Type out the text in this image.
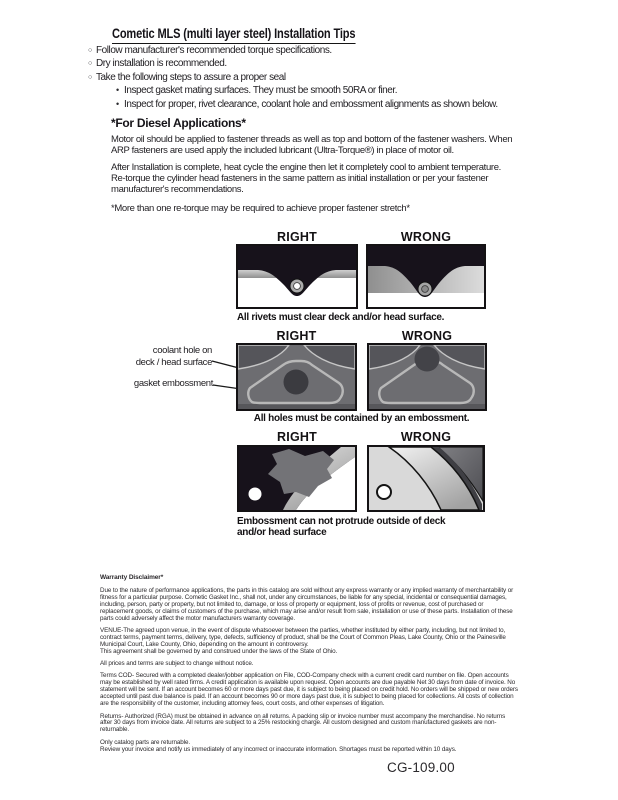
Cometic MLS (multi layer steel) Installation Tips
○ Follow manufacturer's recommended torque specifications.
○ Dry installation is recommended.
○ Take the following steps to assure a proper seal
• Inspect gasket mating surfaces. They must be smooth 50RA or finer.
• Inspect for proper, rivet clearance, coolant hole and embossment alignments as shown below.
*For Diesel Applications*
Motor oil should be applied to fastener threads as well as top and bottom of the fastener washers. When ARP fasteners are used apply the included lubricant (Ultra-Torque®) in place of motor oil.
After Installation is complete, heat cycle the engine then let it completely cool to ambient temperature. Re-torque the cylinder head fasteners in the same pattern as initial installation or per your fastener manufacturer's recommendations.
*More than one re-torque may be required to achieve proper fastener stretch*
RIGHT	WRONG
All rivets must clear deck and/or head surface.
RIGHT	WRONG
coolant hole on
deck / head surface
gasket embossment
All holes must be contained by an embossment.
RIGHT	WRONG
Embossment can not protrude outside of deck
and/or head surface
Warranty Disclaimer*

Due to the nature of performance applications, the parts in this catalog are sold without any express warranty or any implied warranty of merchantability or fitness for a particular purpose. Cometic Gasket Inc., shall not, under any circumstances, be liable for any special, incidental or consequential damages, including, person, party or property, but not limited to, damage, or loss of property or equipment, loss of profits or revenue, cost of purchased or replacement goods, or claims of customers of the purchase, which may arise and/or result from sale, installation or use of these parts. Installation of these parts could adversely affect the motor manufacturers warranty coverage.

VENUE-The agreed upon venue, in the event of dispute whatsoever between the parties, whether instituted by either party, including, but not limited to, contract terms, payment terms, delivery, type, defects, sufficiency of product, shall be the Court of Common Pleas, Lake County, Ohio or the Painesville Municipal Court, Lake County, Ohio, depending on the amount in controversy.

This agreement shall be governed by and construed under the laws of the State of Ohio.

All prices and terms are subject to change without notice.

Terms COD- Secured with a completed dealer/jobber application on File, COD-Company check with a current credit card number on file. Open accounts may be established by well rated firms. A credit application is available upon request. Open accounts are due payable Net 30 days from date of invoice. No statement will be sent. If an account becomes 60 or more days past due, it is subject to being placed on credit hold. No orders will be shipped or new orders accepted until past due balance is paid. If an account becomes 90 or more days past due, it is subject to being placed for collections. All costs of collection are the responsibility of the customer, including attorney fees, court costs, and other expenses of litigation.

Returns- Authorized (RGA) must be obtained in advance on all returns. A packing slip or invoice number must accompany the merchandise. No returns after 30 days from invoice date. All returns are subject to a 25% restocking charge. All custom designed and custom manufactured gaskets are non-returnable.

Only catalog parts are returnable.

Review your invoice and notify us immediately of any incorrect or inaccurate information. Shortages must be reported within 10 days.

CG-109.00
